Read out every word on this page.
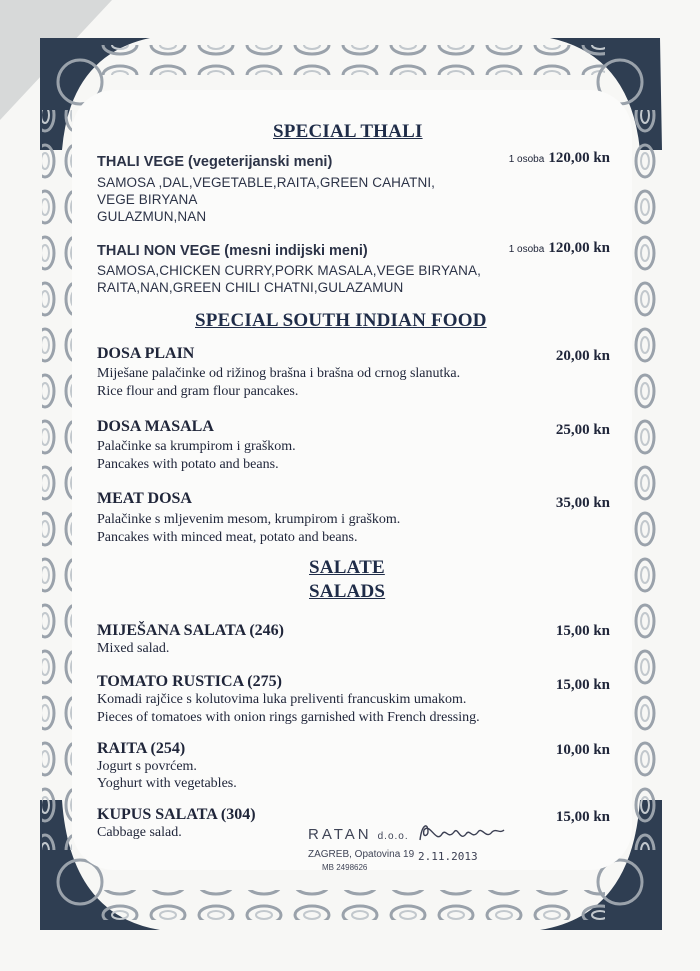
SPECIAL THALI
THALI VEGE (vegeterijanski meni)	1 osoba 120,00 kn
SAMOSA ,DAL,VEGETABLE,RAITA,GREEN CAHATNI,
VEGE BIRYANA
GULAZMUN,NAN
THALI NON VEGE (mesni indijski meni)	1 osoba 120,00 kn
SAMOSA,CHICKEN CURRY,PORK MASALA,VEGE BIRYANA,
RAITA,NAN,GREEN CHILI CHATNI,GULAZAMUN
SPECIAL SOUTH INDIAN FOOD
DOSA PLAIN	20,00 kn
Miješane palačinke od rižinog brašna i brašna od crnog slanutka.
Rice flour and gram flour pancakes.
DOSA MASALA	25,00 kn
Palačinke sa krumpirom i graškom.
Pancakes with potato and beans.
MEAT DOSA	35,00 kn
Palačinke s mljevenim mesom, krumpirom i graškom.
Pancakes with minced meat, potato and beans.
SALATE
SALADS
MIJEŠANA SALATA (246)	15,00 kn
Mixed salad.
TOMATO RUSTICA (275)	15,00 kn
Komadi rajčice s kolutovima luka preliventi francuskim umakom.
Pieces of tomatoes with onion rings garnished with French dressing.
RAITA (254)	10,00 kn
Jogurt s povrćem.
Yoghurt with vegetables.
KUPUS SALATA (304)	15,00 kn
Cabbage salad.	RATAN d.o.o.
ZAGREB, Opatovina 19
MB 2498626
2.11.2013
